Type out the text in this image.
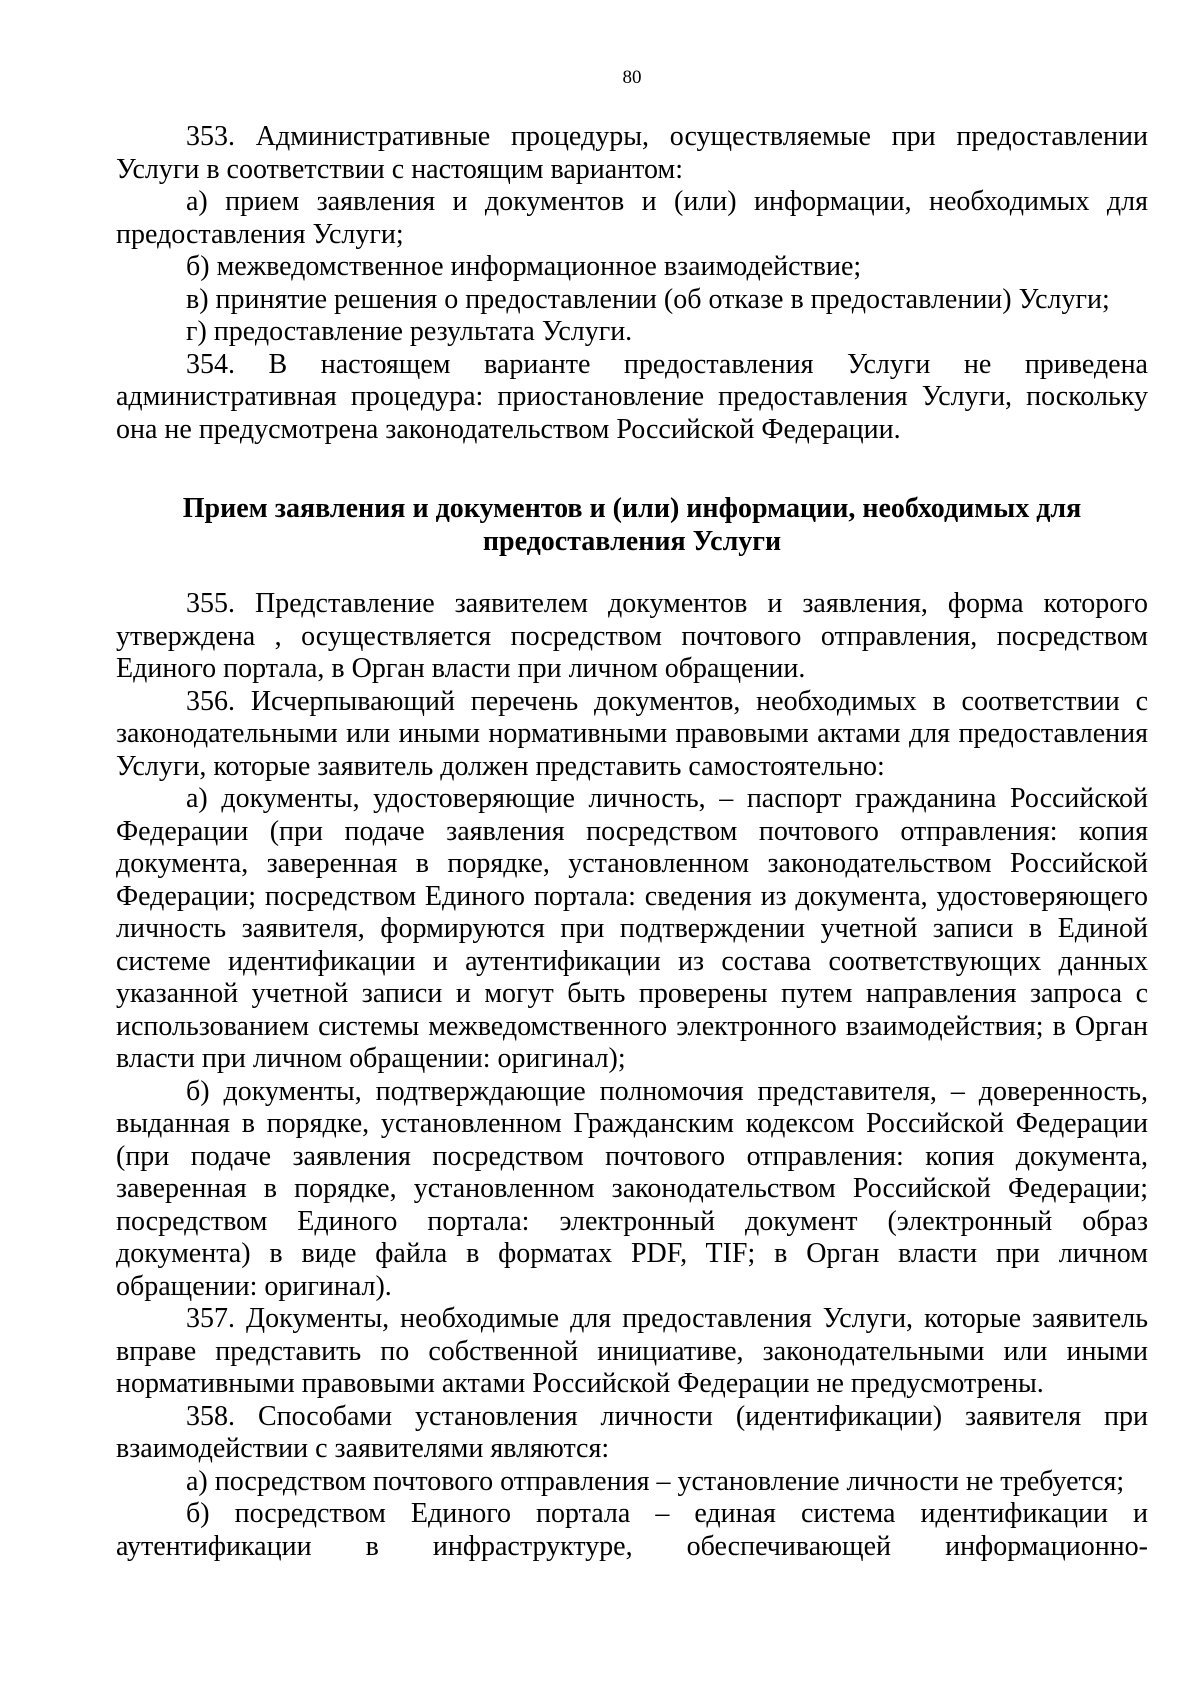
80

353. Административные процедуры, осуществляемые при предоставлении Услуги в соответствии с настоящим вариантом:

а) прием заявления и документов и (или) информации, необходимых для предоставления Услуги;

б) межведомственное информационное взаимодействие;

в) принятие решения о предоставлении (об отказе в предоставлении) Услуги;

г) предоставление результата Услуги.

354. В настоящем варианте предоставления Услуги не приведена административная процедура: приостановление предоставления Услуги, поскольку она не предусмотрена законодательством Российской Федерации.

Прием заявления и документов и (или) информации, необходимых для
предоставления Услуги

355. Представление заявителем документов и заявления, форма которого утверждена , осуществляется посредством почтового отправления, посредством Единого портала, в Орган власти при личном обращении.

356. Исчерпывающий перечень документов, необходимых в соответствии с законодательными или иными нормативными правовыми актами для предоставления Услуги, которые заявитель должен представить самостоятельно:

а) документы, удостоверяющие личность, – паспорт гражданина Российской Федерации (при подаче заявления посредством почтового отправления: копия документа, заверенная в порядке, установленном законодательством Российской Федерации; посредством Единого портала: сведения из документа, удостоверяющего личность заявителя, формируются при подтверждении учетной записи в Единой системе идентификации и аутентификации из состава соответствующих данных указанной учетной записи и могут быть проверены путем направления запроса с использованием системы межведомственного электронного взаимодействия; в Орган власти при личном обращении: оригинал);

б) документы, подтверждающие полномочия представителя, – доверенность, выданная в порядке, установленном Гражданским кодексом Российской Федерации (при подаче заявления посредством почтового отправления: копия документа, заверенная в порядке, установленном законодательством Российской Федерации; посредством Единого портала: электронный документ (электронный образ документа) в виде файла в форматах PDF, TIF; в Орган власти при личном обращении: оригинал).

357. Документы, необходимые для предоставления Услуги, которые заявитель вправе представить по собственной инициативе, законодательными или иными нормативными правовыми актами Российской Федерации не предусмотрены.

358. Способами установления личности (идентификации) заявителя при взаимодействии с заявителями являются:

а) посредством почтового отправления – установление личности не требуется;

б) посредством Единого портала – единая система идентификации и аутентификации в инфраструктуре, обеспечивающей информационно-
